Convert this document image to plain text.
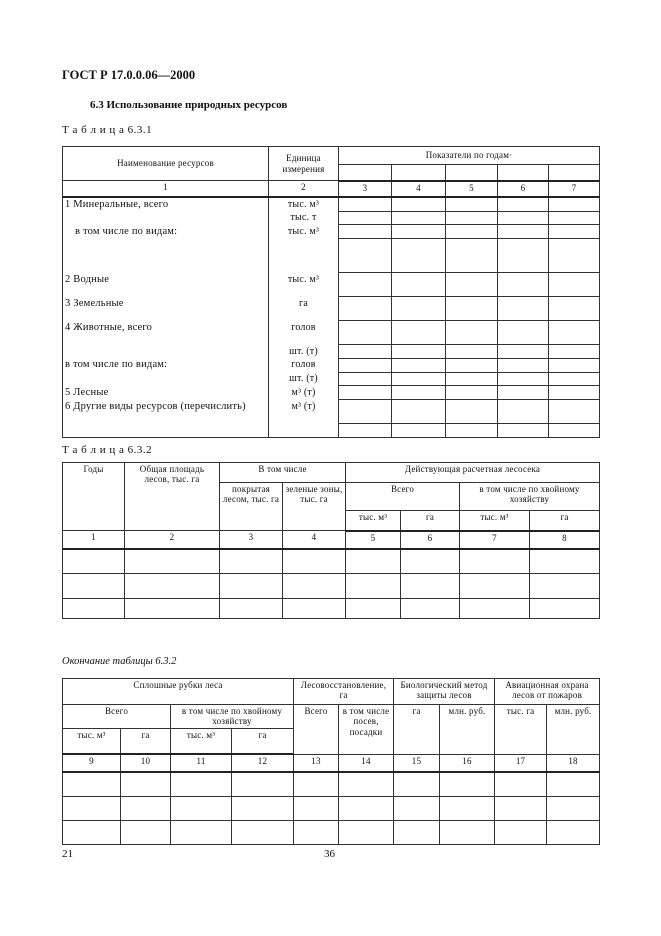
ГОСТ Р 17.0.0.06—2000
6.3 Использование природных ресурсов
Т а б л и ц а 6.3.1
Наименование ресурсов	Единица измерения	Показатели по годам·				

1	2	3	4	5	6	7
1 Минеральные, всего	тыс. м³					
	тыс. т					
в том числе по видам:	тыс. м³					

2 Водные	тыс. м³					
3 Земельные	га					
4 Животные, всего	голов					
	шт. (т)					
в том числе по видам:	голов					
	шт. (т)					
5 Лесные	м³ (т)					
6 Другие виды ресурсов (перечислить)	м³ (т)					

Т а б л и ц а 6.3.2
Годы	Общая площадь лесов, тыс. га	В том числе		Действующая расчетная лесосека			
		покрытая лесом, тыс. га	зеленые зоны, тыс. га	Всего		в том числе по хвойному хозяйству	
				тыс. м³	га	тыс. м³	га
1	2	3	4	5	6	7	8

Окончание таблицы 6.3.2
Сплошные рубки леса				Лесовосстановление, га		Биологический метод защиты лесов		Авиационная охрана лесов от пожаров	
Всего		в том числе по хвойному хозяйству		Всего	в том числе посев, посадки	га	млн. руб.	тыс. га	млн. руб.
тыс. м³	га	тыс. м³	га						
9	10	11	12	13	14	15	16	17	18

21	36
